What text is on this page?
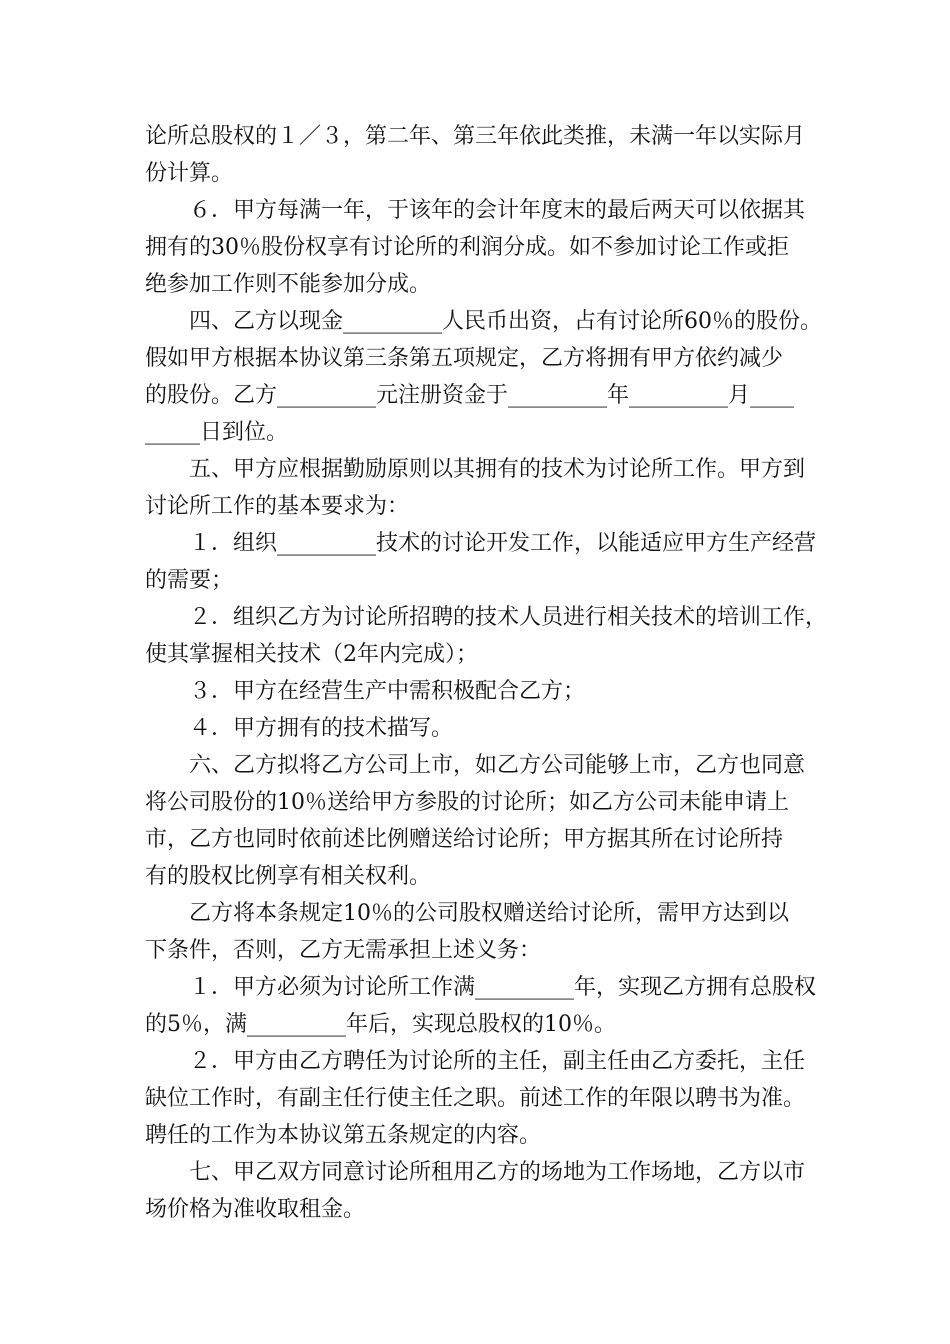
论所总股权的１／３，第二年、第三年依此类推，未满一年以实际月
份计算。
　　６．甲方每满一年，于该年的会计年度末的最后两天可以依据其
拥有的30％股份权享有讨论所的利润分成。如不参加讨论工作或拒
绝参加工作则不能参加分成。
　　四、乙方以现金_________人民币出资，占有讨论所60％的股份。
假如甲方根据本协议第三条第五项规定，乙方将拥有甲方依约减少
的股份。乙方_________元注册资金于_________年_________月____
_____日到位。
　　五、甲方应根据勤励原则以其拥有的技术为讨论所工作。甲方到
讨论所工作的基本要求为：
　　１．组织_________技术的讨论开发工作，以能适应甲方生产经营
的需要；
　　２．组织乙方为讨论所招聘的技术人员进行相关技术的培训工作，
使其掌握相关技术（2年内完成）；
　　３．甲方在经营生产中需积极配合乙方；
　　４．甲方拥有的技术描写。
　　六、乙方拟将乙方公司上市，如乙方公司能够上市，乙方也同意
将公司股份的10％送给甲方参股的讨论所；如乙方公司未能申请上
市，乙方也同时依前述比例赠送给讨论所；甲方据其所在讨论所持
有的股权比例享有相关权利。
　　乙方将本条规定10％的公司股权赠送给讨论所，需甲方达到以
下条件，否则，乙方无需承担上述义务：
　　１．甲方必须为讨论所工作满_________年，实现乙方拥有总股权
的5％，满_________年后，实现总股权的10％。
　　２．甲方由乙方聘任为讨论所的主任，副主任由乙方委托，主任
缺位工作时，有副主任行使主任之职。前述工作的年限以聘书为准。
聘任的工作为本协议第五条规定的内容。
　　七、甲乙双方同意讨论所租用乙方的场地为工作场地，乙方以市
场价格为准收取租金。
